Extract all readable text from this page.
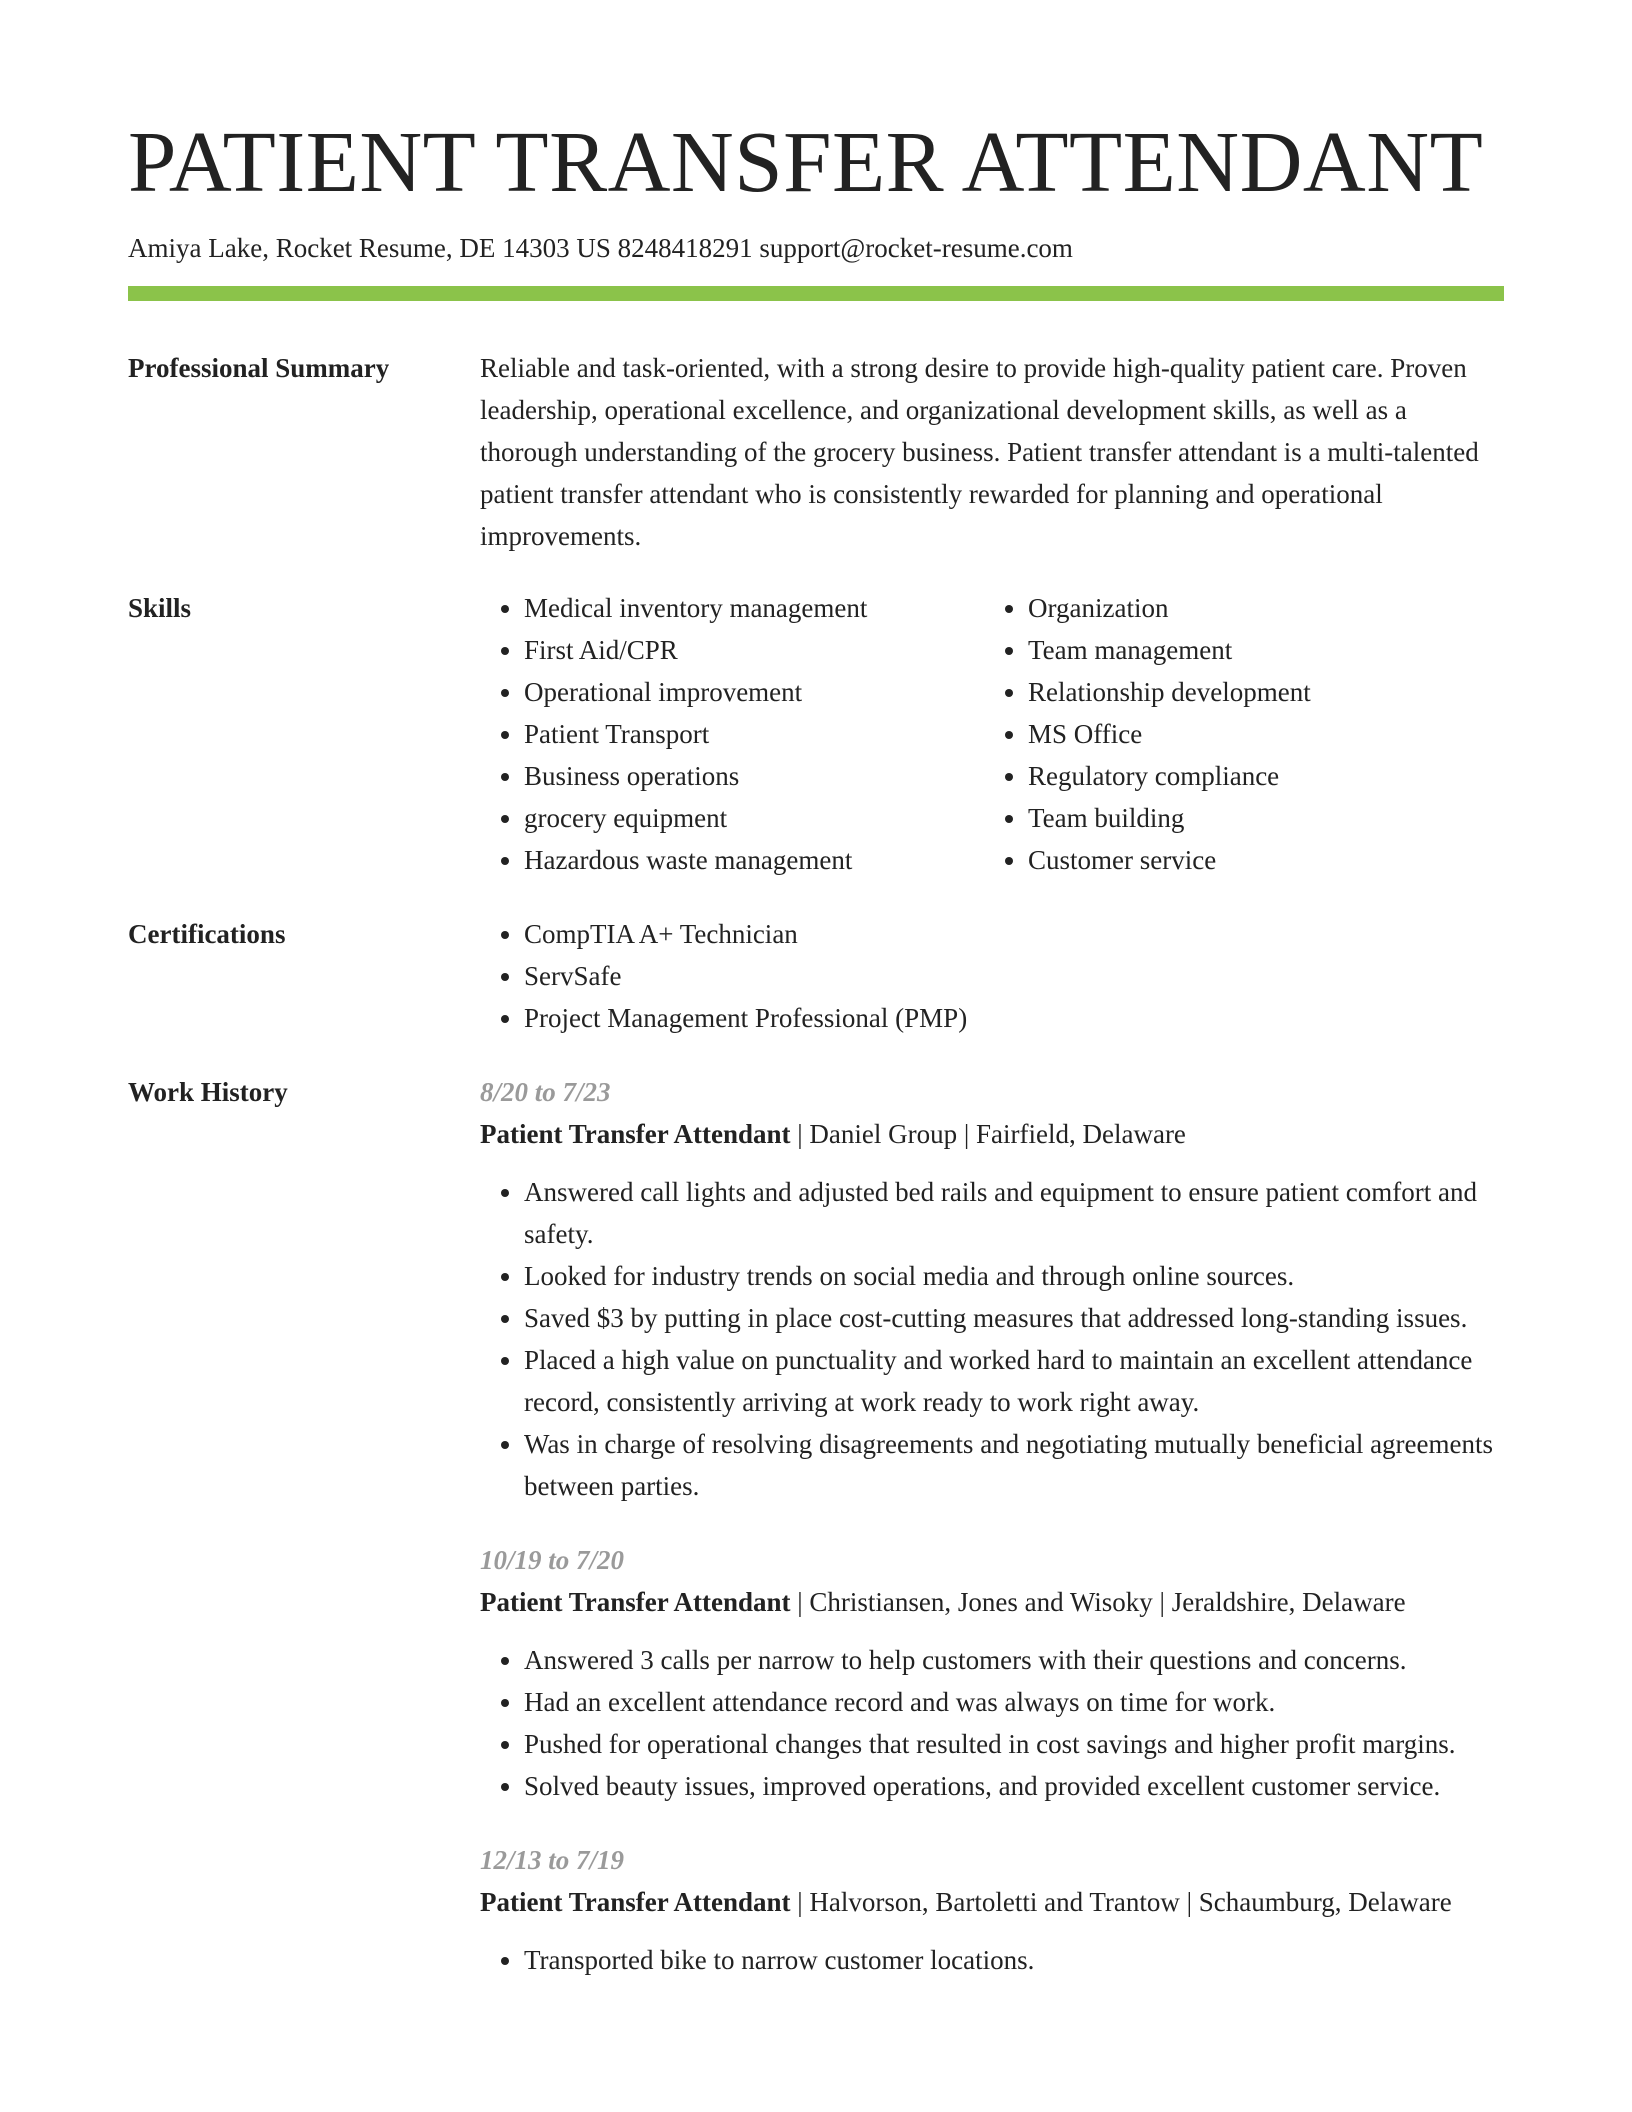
PATIENT TRANSFER ATTENDANT
Amiya Lake, Rocket Resume, DE 14303 US 8248418291 support@rocket-resume.com
Professional Summary	Reliable and task-oriented, with a strong desire to provide high-quality patient care. Proven leadership, operational excellence, and organizational development skills, as well as a thorough understanding of the grocery business. Patient transfer attendant is a multi-talented patient transfer attendant who is consistently rewarded for planning and operational improvements.

Skills	• Medical inventory management
• First Aid/CPR
• Operational improvement
• Patient Transport
• Business operations
• grocery equipment
• Hazardous waste management
• Organization
• Team management
• Relationship development
• MS Office
• Regulatory compliance
• Team building
• Customer service
Certifications	• CompTIA A+ Technician
• ServSafe
• Project Management Professional (PMP)
Work History	8/20 to 7/23
Patient Transfer Attendant | Daniel Group | Fairfield, Delaware
• Answered call lights and adjusted bed rails and equipment to ensure patient comfort and safety.
• Looked for industry trends on social media and through online sources.
• Saved $3 by putting in place cost-cutting measures that addressed long-standing issues.
• Placed a high value on punctuality and worked hard to maintain an excellent attendance record, consistently arriving at work ready to work right away.
• Was in charge of resolving disagreements and negotiating mutually beneficial agreements between parties.
10/19 to 7/20
Patient Transfer Attendant | Christiansen, Jones and Wisoky | Jeraldshire, Delaware
• Answered 3 calls per narrow to help customers with their questions and concerns.
• Had an excellent attendance record and was always on time for work.
• Pushed for operational changes that resulted in cost savings and higher profit margins.
• Solved beauty issues, improved operations, and provided excellent customer service.
12/13 to 7/19
Patient Transfer Attendant | Halvorson, Bartoletti and Trantow | Schaumburg, Delaware
• Transported bike to narrow customer locations.
